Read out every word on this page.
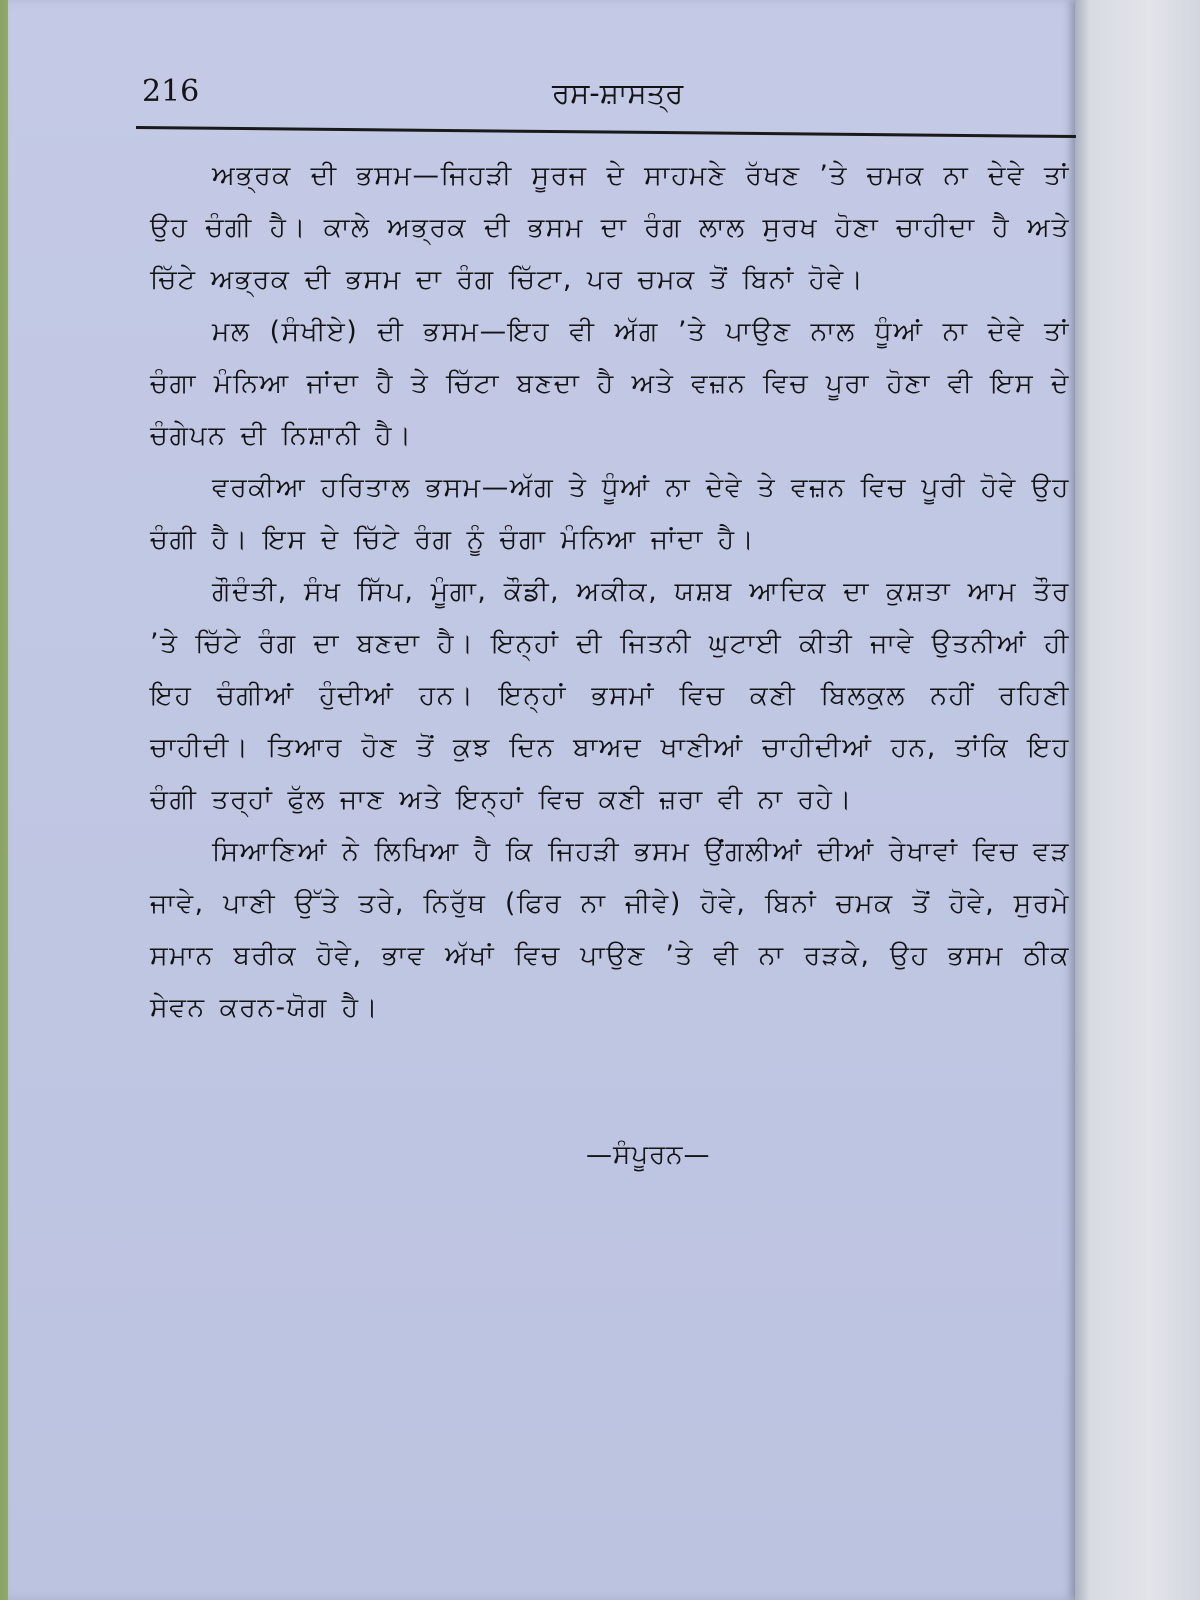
216	ਰਸ-ਸ਼ਾਸਤ੍ਰ

ਅਭ੍ਰਕ ਦੀ ਭਸਮ—ਜਿਹੜੀ ਸੂਰਜ ਦੇ ਸਾਹਮਣੇ ਰੱਖਣ ’ਤੇ ਚਮਕ ਨਾ ਦੇਵੇ ਤਾਂ ਉਹ ਚੰਗੀ ਹੈ। ਕਾਲੇ ਅਭ੍ਰਕ ਦੀ ਭਸਮ ਦਾ ਰੰਗ ਲਾਲ ਸੁਰਖ ਹੋਣਾ ਚਾਹੀਦਾ ਹੈ ਅਤੇ ਚਿੱਟੇ ਅਭ੍ਰਕ ਦੀ ਭਸਮ ਦਾ ਰੰਗ ਚਿੱਟਾ, ਪਰ ਚਮਕ ਤੋਂ ਬਿਨਾਂ ਹੋਵੇ।

ਮਲ (ਸੰਖੀਏ) ਦੀ ਭਸਮ—ਇਹ ਵੀ ਅੱਗ ’ਤੇ ਪਾਉਣ ਨਾਲ ਧੂੰਆਂ ਨਾ ਦੇਵੇ ਤਾਂ ਚੰਗਾ ਮੰਨਿਆ ਜਾਂਦਾ ਹੈ ਤੇ ਚਿੱਟਾ ਬਣਦਾ ਹੈ ਅਤੇ ਵਜ਼ਨ ਵਿਚ ਪੂਰਾ ਹੋਣਾ ਵੀ ਇਸ ਦੇ ਚੰਗੇਪਨ ਦੀ ਨਿਸ਼ਾਨੀ ਹੈ।

ਵਰਕੀਆ ਹਰਿਤਾਲ ਭਸਮ—ਅੱਗ ਤੇ ਧੂੰਆਂ ਨਾ ਦੇਵੇ ਤੇ ਵਜ਼ਨ ਵਿਚ ਪੂਰੀ ਹੋਵੇ ਉਹ ਚੰਗੀ ਹੈ। ਇਸ ਦੇ ਚਿੱਟੇ ਰੰਗ ਨੂੰ ਚੰਗਾ ਮੰਨਿਆ ਜਾਂਦਾ ਹੈ।

ਗੌਦੰਤੀ, ਸੰਖ ਸਿੱਪ, ਮੂੰਗਾ, ਕੌਡੀ, ਅਕੀਕ, ਯਸ਼ਬ ਆਦਿਕ ਦਾ ਕੁਸ਼ਤਾ ਆਮ ਤੌਰ ’ਤੇ ਚਿੱਟੇ ਰੰਗ ਦਾ ਬਣਦਾ ਹੈ। ਇਨ੍ਹਾਂ ਦੀ ਜਿਤਨੀ ਘੁਟਾਈ ਕੀਤੀ ਜਾਵੇ ਉਤਨੀਆਂ ਹੀ ਇਹ ਚੰਗੀਆਂ ਹੁੰਦੀਆਂ ਹਨ। ਇਨ੍ਹਾਂ ਭਸਮਾਂ ਵਿਚ ਕਣੀ ਬਿਲਕੁਲ ਨਹੀਂ ਰਹਿਣੀ ਚਾਹੀਦੀ। ਤਿਆਰ ਹੋਣ ਤੋਂ ਕੁਝ ਦਿਨ ਬਾਅਦ ਖਾਣੀਆਂ ਚਾਹੀਦੀਆਂ ਹਨ, ਤਾਂਕਿ ਇਹ ਚੰਗੀ ਤਰ੍ਹਾਂ ਫੁੱਲ ਜਾਣ ਅਤੇ ਇਨ੍ਹਾਂ ਵਿਚ ਕਣੀ ਜ਼ਰਾ ਵੀ ਨਾ ਰਹੇ।

ਸਿਆਣਿਆਂ ਨੇ ਲਿਖਿਆ ਹੈ ਕਿ ਜਿਹੜੀ ਭਸਮ ਉਂਗਲੀਆਂ ਦੀਆਂ ਰੇਖਾਵਾਂ ਵਿਚ ਵੜ ਜਾਵੇ, ਪਾਣੀ ਉੱਤੇ ਤਰੇ, ਨਿਰੁੱਥ (ਫਿਰ ਨਾ ਜੀਵੇ) ਹੋਵੇ, ਬਿਨਾਂ ਚਮਕ ਤੋਂ ਹੋਵੇ, ਸੁਰਮੇ ਸਮਾਨ ਬਰੀਕ ਹੋਵੇ, ਭਾਵ ਅੱਖਾਂ ਵਿਚ ਪਾਉਣ ’ਤੇ ਵੀ ਨਾ ਰੜਕੇ, ਉਹ ਭਸਮ ਠੀਕ ਸੇਵਨ ਕਰਨ-ਯੋਗ ਹੈ।

—ਸੰਪੂਰਨ—
